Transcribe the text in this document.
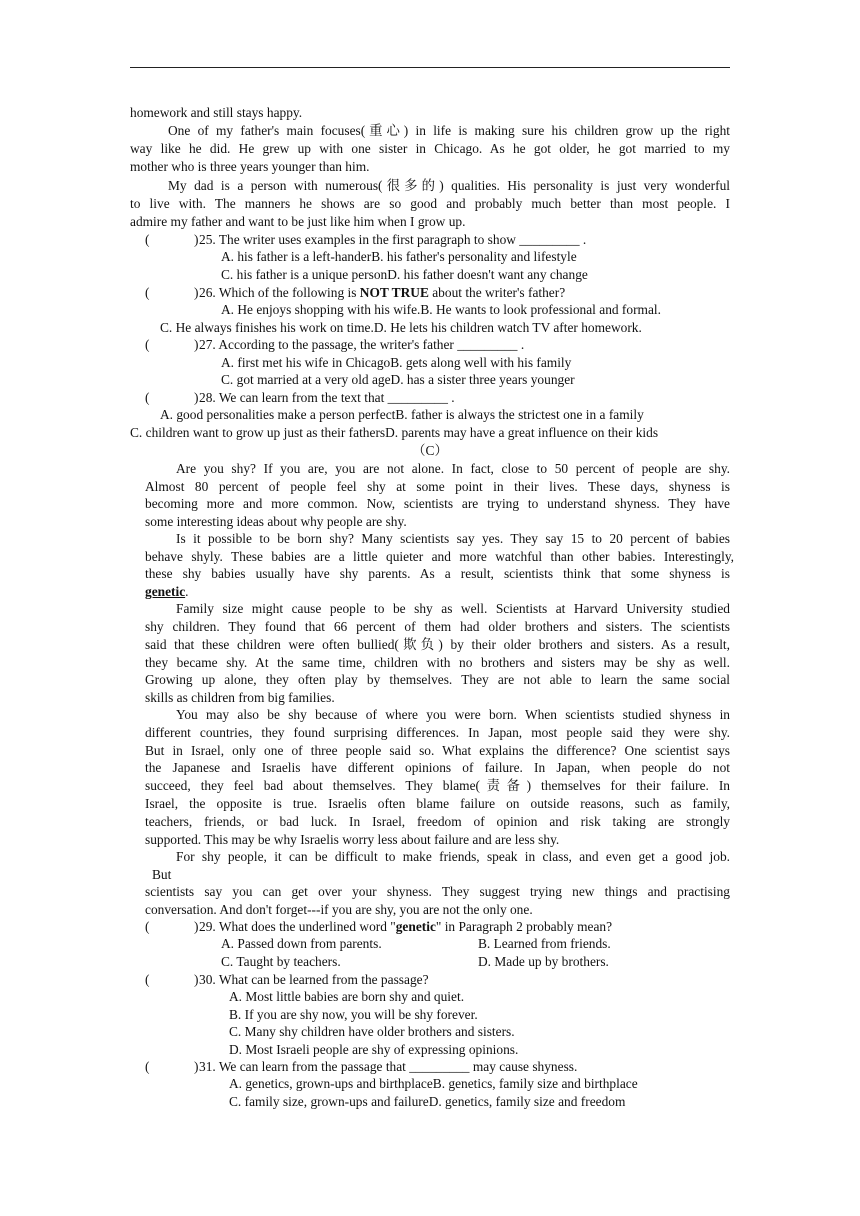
homework and still stays happy.
One of my father's main focuses(重心) in life is making sure his children grow up the right
way like he did. He grew up with one sister in Chicago. As he got older, he got married to my
mother who is three years younger than him.
My dad is a person with numerous(很多的) qualities. His personality is just very wonderful
to live with. The manners he shows are so good and probably much better than most people. I
admire my father and want to be just like him when I grow up.
(	) 25. The writer uses examples in the first paragraph to show _________ .
A. his father is a left-handerB. his father's personality and lifestyle
C. his father is a unique personD. his father doesn't want any change
(	) 26. Which of the following is NOT TRUE about the writer's father?
A. He enjoys shopping with his wife.B. He wants to look professional and formal.
C. He always finishes his work on time.D. He lets his children watch TV after homework.
(	) 27. According to the passage, the writer's father _________ .
A. first met his wife in ChicagoB. gets along well with his family
C. got married at a very old ageD. has a sister three years younger
(	) 28. We can learn from the text that _________ .
A. good personalities make a person perfectB. father is always the strictest one in a family
C. children want to grow up just as their fathersD. parents may have a great influence on their kids
（C）
Are you shy? If you are, you are not alone. In fact, close to 50 percent of people are shy.
Almost 80 percent of people feel shy at some point in their lives. These days, shyness is
becoming more and more common. Now, scientists are trying to understand shyness. They have
some interesting ideas about why people are shy.
Is it possible to be born shy? Many scientists say yes. They say 15 to 20 percent of babies
behave shyly. These babies are a little quieter and more watchful than other babies. Interestingly,
these shy babies usually have shy parents. As a result, scientists think that some shyness is
genetic.
Family size might cause people to be shy as well. Scientists at Harvard University studied
shy children. They found that 66 percent of them had older brothers and sisters. The scientists
said that these children were often bullied(欺负) by their older brothers and sisters. As a result,
they became shy. At the same time, children with no brothers and sisters may be shy as well.
Growing up alone, they often play by themselves. They are not able to learn the same social
skills as children from big families.
You may also be shy because of where you were born. When scientists studied shyness in
different countries, they found surprising differences. In Japan, most people said they were shy.
But in Israel, only one of three people said so. What explains the difference? One scientist says
the Japanese and Israelis have different opinions of failure. In Japan, when people do not
succeed, they feel bad about themselves. They blame(责备) themselves for their failure. In
Israel, the opposite is true. Israelis often blame failure on outside reasons, such as family,
teachers, friends, or bad luck. In Israel, freedom of opinion and risk taking are strongly
supported. This may be why Israelis worry less about failure and are less shy.
For shy people, it can be difficult to make friends, speak in class, and even get a good job.
But
scientists say you can get over your shyness. They suggest trying new things and practising
conversation. And don't forget---if you are shy, you are not the only one.
(	) 29. What does the underlined word "genetic" in Paragraph 2 probably mean?
A. Passed down from parents.	B. Learned from friends.
C. Taught by teachers.	D. Made up by brothers.
(	) 30. What can be learned from the passage?
A. Most little babies are born shy and quiet.
B. If you are shy now, you will be shy forever.
C. Many shy children have older brothers and sisters.
D. Most Israeli people are shy of expressing opinions.
(	) 31. We can learn from the passage that _________ may cause shyness.
A. genetics, grown-ups and birthplaceB. genetics, family size and birthplace
C. family size, grown-ups and failureD. genetics, family size and freedom
